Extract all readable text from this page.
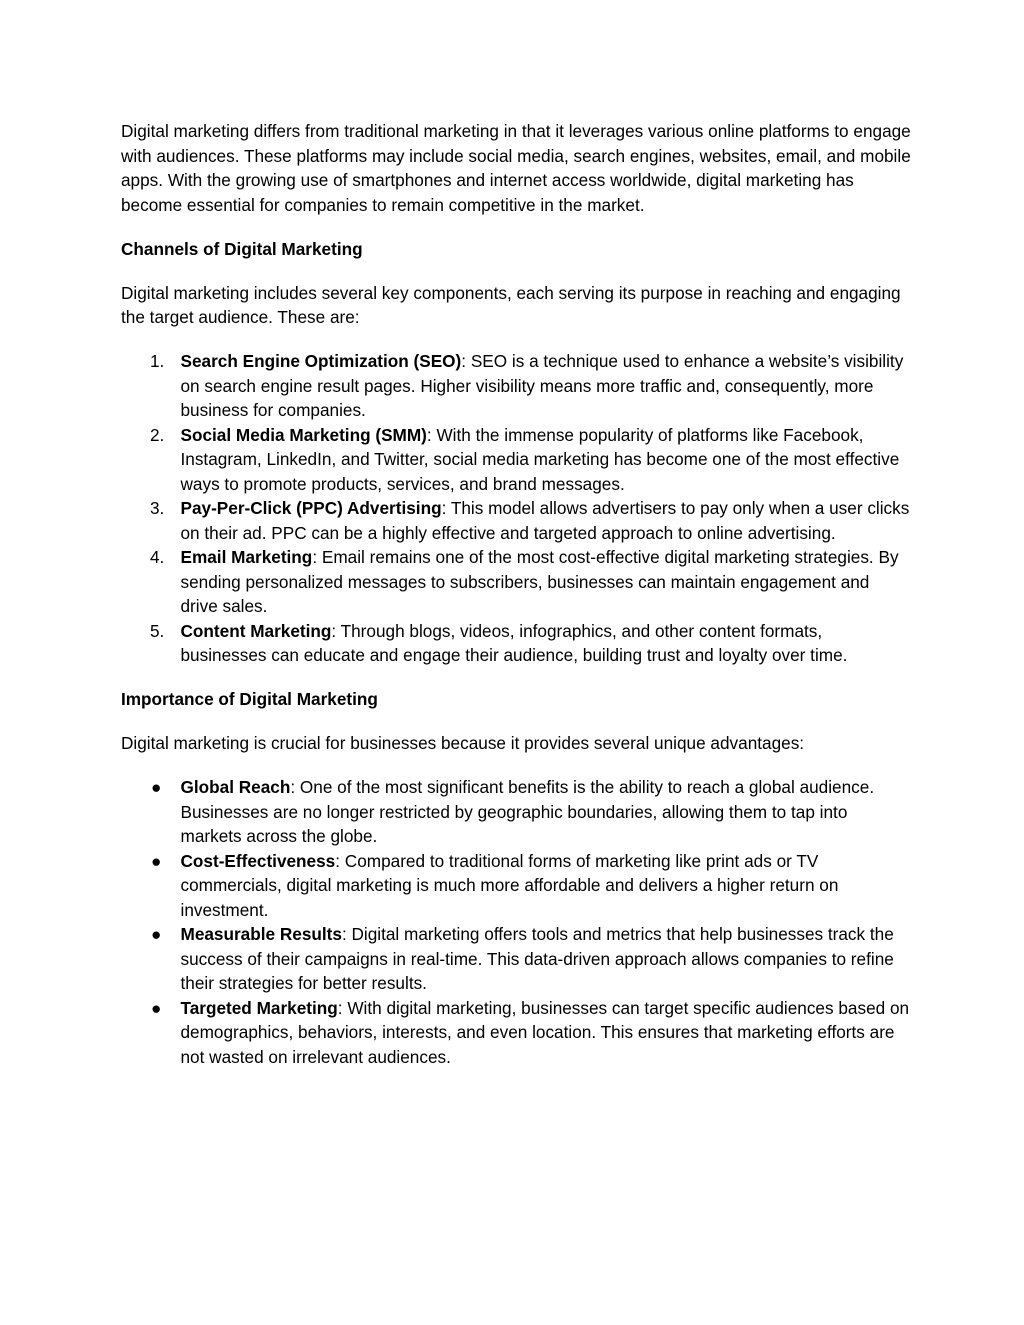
Digital marketing differs from traditional marketing in that it leverages various online platforms to engage with audiences. These platforms may include social media, search engines, websites, email, and mobile apps. With the growing use of smartphones and internet access worldwide, digital marketing has become essential for companies to remain competitive in the market.

Channels of Digital Marketing

Digital marketing includes several key components, each serving its purpose in reaching and engaging the target audience. These are:

1. Search Engine Optimization (SEO): SEO is a technique used to enhance a website’s visibility on search engine result pages. Higher visibility means more traffic and, consequently, more business for companies.
2. Social Media Marketing (SMM): With the immense popularity of platforms like Facebook, Instagram, LinkedIn, and Twitter, social media marketing has become one of the most effective ways to promote products, services, and brand messages.
3. Pay-Per-Click (PPC) Advertising: This model allows advertisers to pay only when a user clicks on their ad. PPC can be a highly effective and targeted approach to online advertising.
4. Email Marketing: Email remains one of the most cost-effective digital marketing strategies. By sending personalized messages to subscribers, businesses can maintain engagement and drive sales.
5. Content Marketing: Through blogs, videos, infographics, and other content formats, businesses can educate and engage their audience, building trust and loyalty over time.

Importance of Digital Marketing

Digital marketing is crucial for businesses because it provides several unique advantages:

● Global Reach: One of the most significant benefits is the ability to reach a global audience. Businesses are no longer restricted by geographic boundaries, allowing them to tap into markets across the globe.
● Cost-Effectiveness: Compared to traditional forms of marketing like print ads or TV commercials, digital marketing is much more affordable and delivers a higher return on investment.
● Measurable Results: Digital marketing offers tools and metrics that help businesses track the success of their campaigns in real-time. This data-driven approach allows companies to refine their strategies for better results.
● Targeted Marketing: With digital marketing, businesses can target specific audiences based on demographics, behaviors, interests, and even location. This ensures that marketing efforts are not wasted on irrelevant audiences.
